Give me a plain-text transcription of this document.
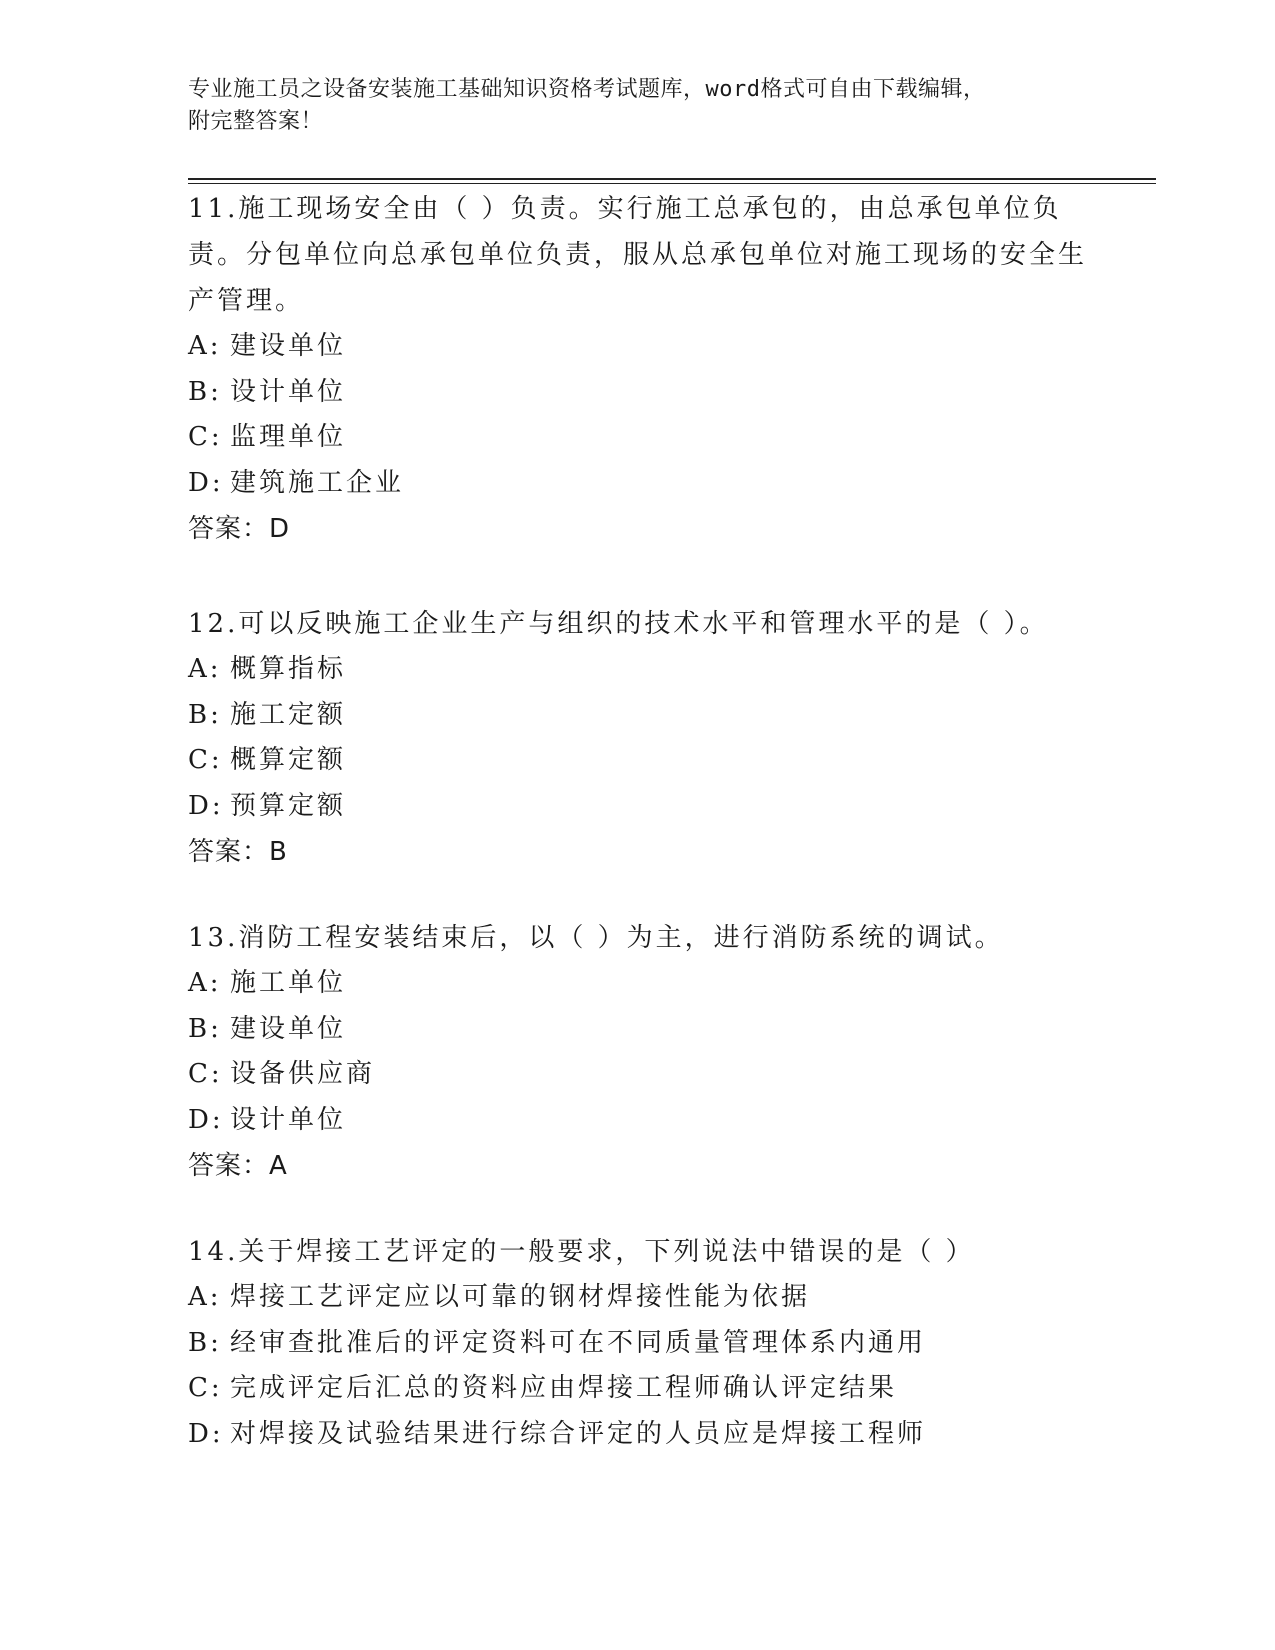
专业施工员之设备安装施工基础知识资格考试题库，word格式可自由下载编辑，
附完整答案！

11.施工现场安全由（ ）负责。实行施工总承包的，由总承包单位负责。分包单位向总承包单位负责，服从总承包单位对施工现场的安全生产管理。

A: 建设单位
B: 设计单位
C: 监理单位
D: 建筑施工企业
答案：D

12.可以反映施工企业生产与组织的技术水平和管理水平的是（ ）。

A: 概算指标
B: 施工定额
C: 概算定额
D: 预算定额
答案：B

13.消防工程安装结束后，以（ ）为主，进行消防系统的调试。

A: 施工单位
B: 建设单位
C: 设备供应商
D: 设计单位
答案：A

14.关于焊接工艺评定的一般要求，下列说法中错误的是（ ）

A: 焊接工艺评定应以可靠的钢材焊接性能为依据
B: 经审查批准后的评定资料可在不同质量管理体系内通用
C: 完成评定后汇总的资料应由焊接工程师确认评定结果
D: 对焊接及试验结果进行综合评定的人员应是焊接工程师
